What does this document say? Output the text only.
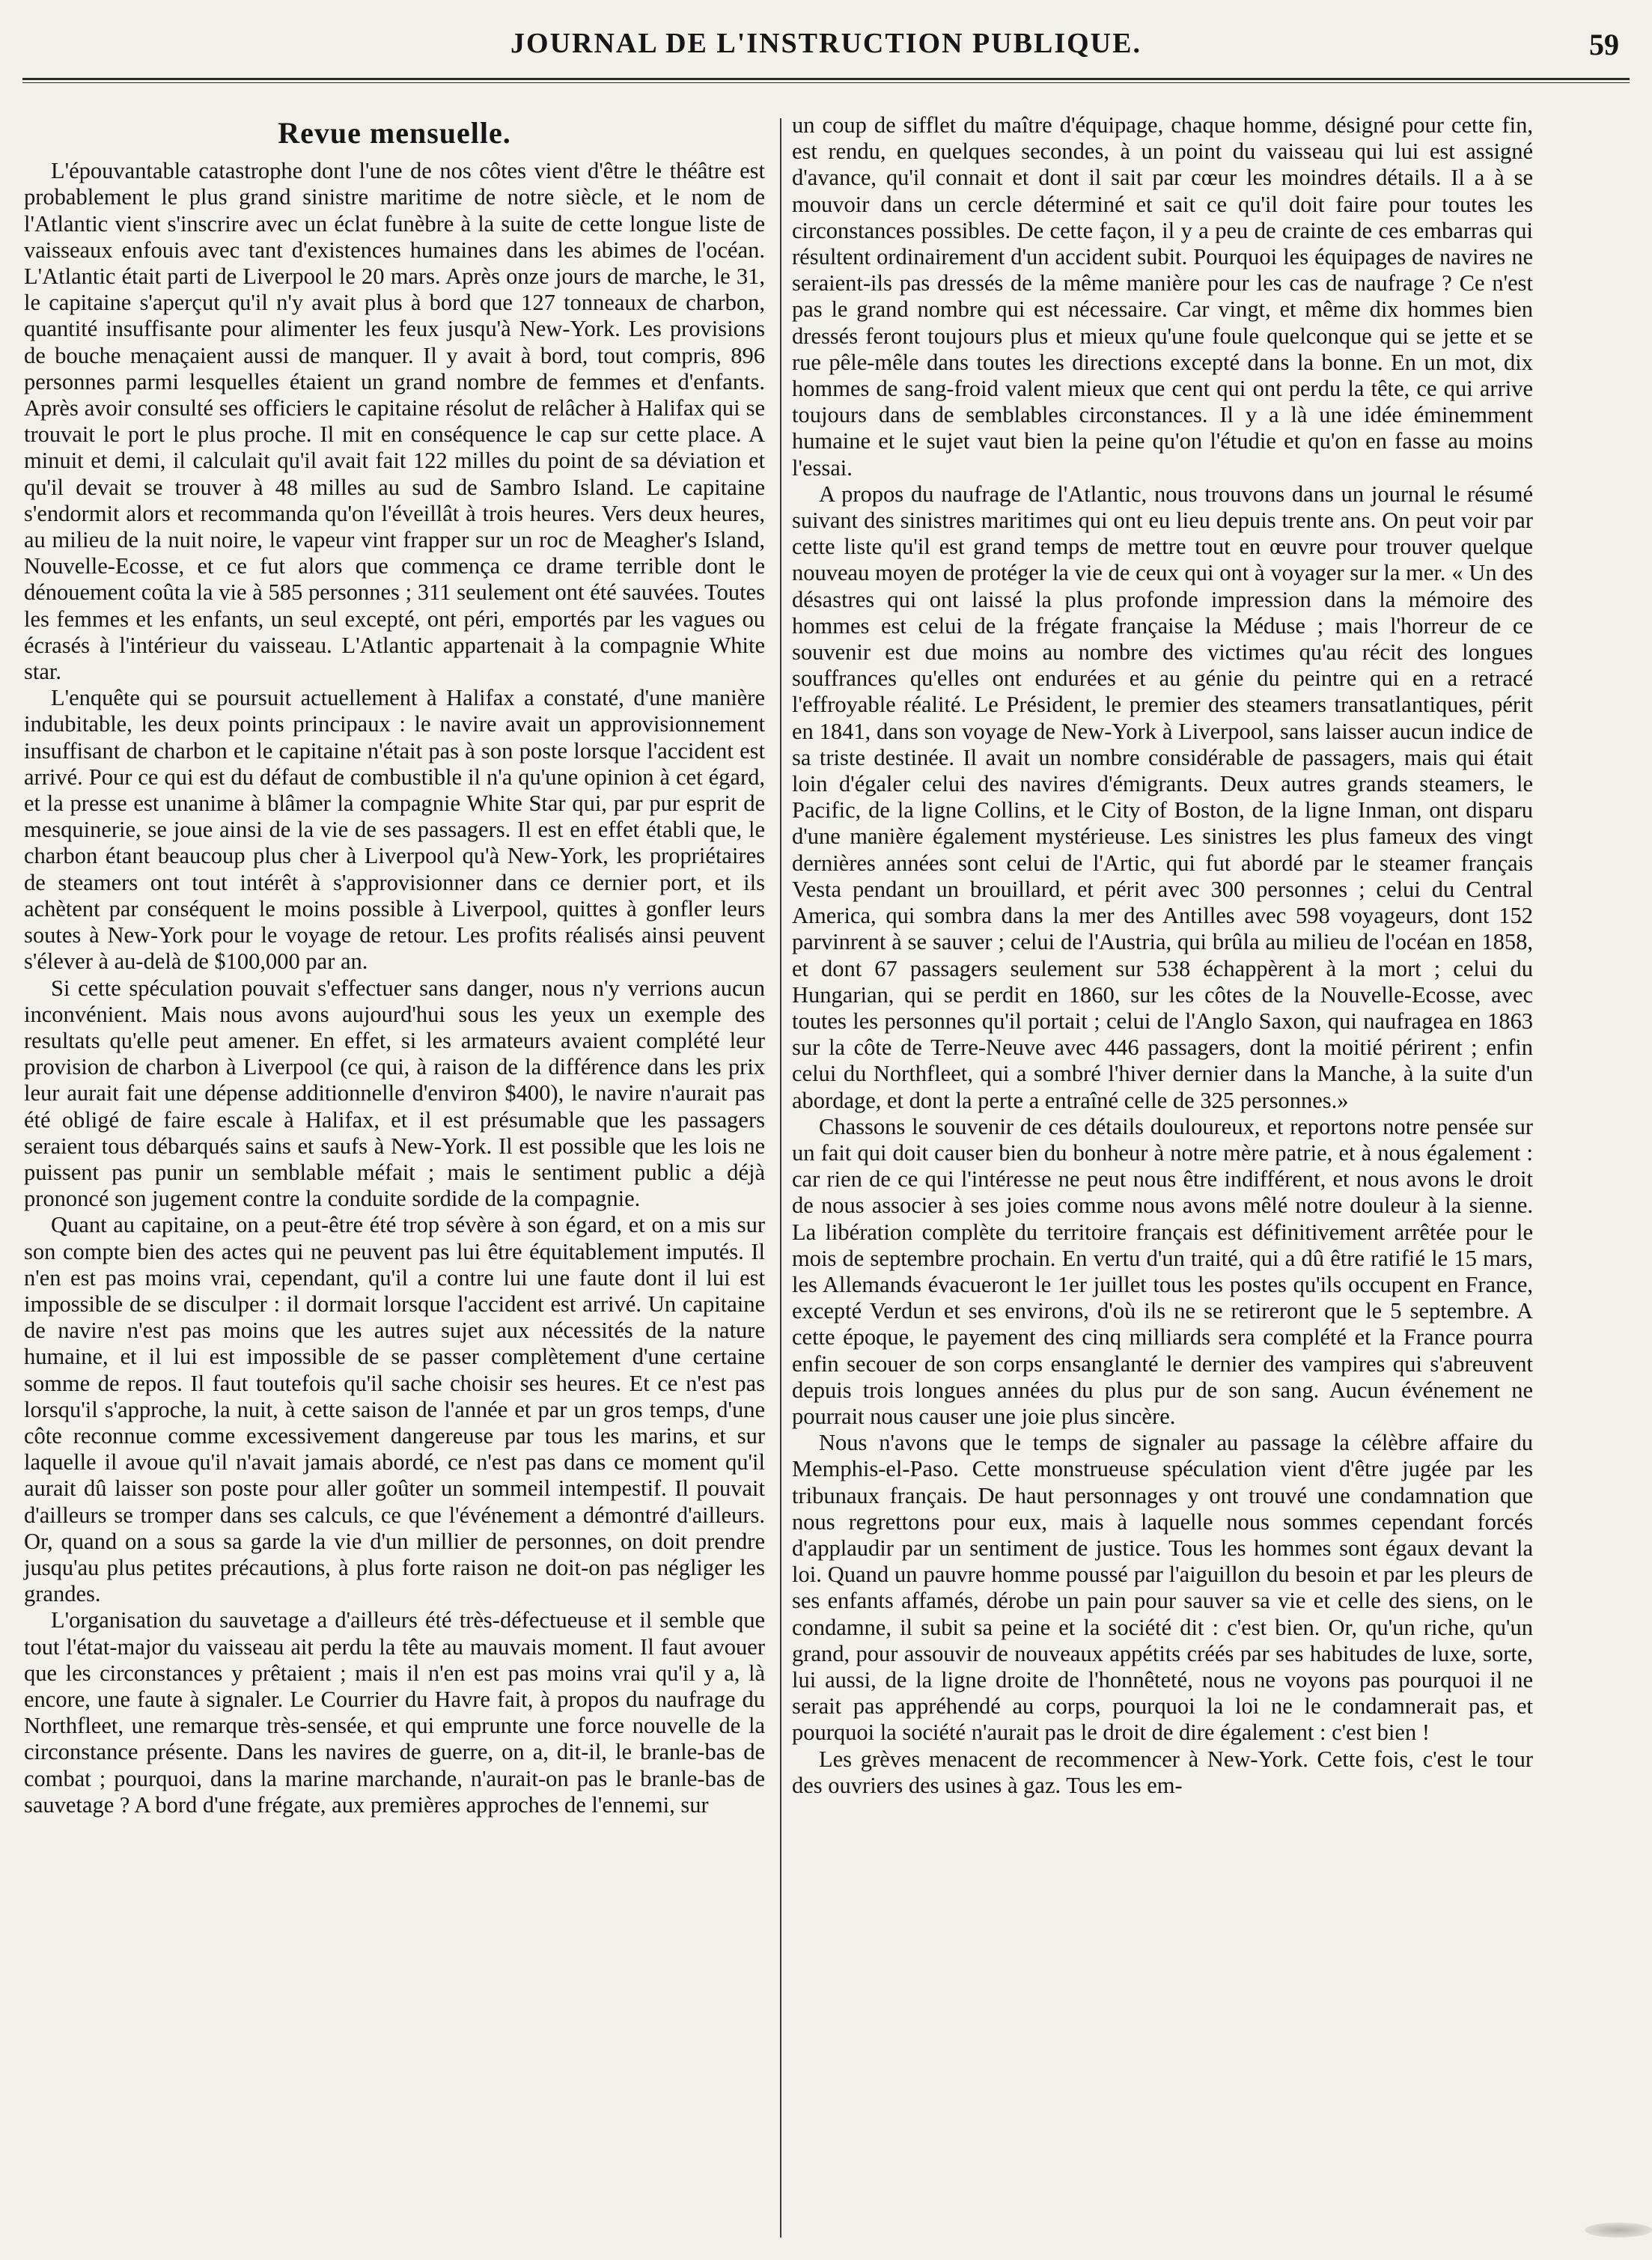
JOURNAL DE L'INSTRUCTION PUBLIQUE.	59
Revue mensuelle.

L'épouvantable catastrophe dont l'une de nos côtes vient d'être le théâtre est probablement le plus grand sinistre maritime de notre siècle, et le nom de l'Atlantic vient s'inscrire avec un éclat funèbre à la suite de cette longue liste de vaisseaux enfouis avec tant d'existences humaines dans les abimes de l'océan. L'Atlantic était parti de Liverpool le 20 mars. Après onze jours de marche, le 31, le capitaine s'aperçut qu'il n'y avait plus à bord que 127 tonneaux de charbon, quantité insuffisante pour alimenter les feux jusqu'à New-York. Les provisions de bouche menaçaient aussi de manquer. Il y avait à bord, tout compris, 896 personnes parmi lesquelles étaient un grand nombre de femmes et d'enfants. Après avoir consulté ses officiers le capitaine résolut de relâcher à Halifax qui se trouvait le port le plus proche. Il mit en conséquence le cap sur cette place. A minuit et demi, il calculait qu'il avait fait 122 milles du point de sa déviation et qu'il devait se trouver à 48 milles au sud de Sambro Island. Le capitaine s'endormit alors et recommanda qu'on l'éveillât à trois heures. Vers deux heures, au milieu de la nuit noire, le vapeur vint frapper sur un roc de Meagher's Island, Nouvelle-Ecosse, et ce fut alors que commença ce drame terrible dont le dénouement coûta la vie à 585 personnes ; 311 seulement ont été sauvées. Toutes les femmes et les enfants, un seul excepté, ont péri, emportés par les vagues ou écrasés à l'intérieur du vaisseau. L'Atlantic appartenait à la compagnie White star.

L'enquête qui se poursuit actuellement à Halifax a constaté, d'une manière indubitable, les deux points principaux : le navire avait un approvisionnement insuffisant de charbon et le capitaine n'était pas à son poste lorsque l'accident est arrivé. Pour ce qui est du défaut de combustible il n'a qu'une opinion à cet égard, et la presse est unanime à blâmer la compagnie White Star qui, par pur esprit de mesquinerie, se joue ainsi de la vie de ses passagers. Il est en effet établi que, le charbon étant beaucoup plus cher à Liverpool qu'à New-York, les propriétaires de steamers ont tout intérêt à s'approvisionner dans ce dernier port, et ils achètent par conséquent le moins possible à Liverpool, quittes à gonfler leurs soutes à New-York pour le voyage de retour. Les profits réalisés ainsi peuvent s'élever à au-delà de $100,000 par an.

Si cette spéculation pouvait s'effectuer sans danger, nous n'y verrions aucun inconvénient. Mais nous avons aujourd'hui sous les yeux un exemple des resultats qu'elle peut amener. En effet, si les armateurs avaient complété leur provision de charbon à Liverpool (ce qui, à raison de la différence dans les prix leur aurait fait une dépense additionnelle d'environ $400), le navire n'aurait pas été obligé de faire escale à Halifax, et il est présumable que les passagers seraient tous débarqués sains et saufs à New-York. Il est possible que les lois ne puissent pas punir un semblable méfait ; mais le sentiment public a déjà prononcé son jugement contre la conduite sordide de la compagnie.

Quant au capitaine, on a peut-être été trop sévère à son égard, et on a mis sur son compte bien des actes qui ne peuvent pas lui être équitablement imputés. Il n'en est pas moins vrai, cependant, qu'il a contre lui une faute dont il lui est impossible de se disculper : il dormait lorsque l'accident est arrivé. Un capitaine de navire n'est pas moins que les autres sujet aux nécessités de la nature humaine, et il lui est impossible de se passer complètement d'une certaine somme de repos. Il faut toutefois qu'il sache choisir ses heures. Et ce n'est pas lorsqu'il s'approche, la nuit, à cette saison de l'année et par un gros temps, d'une côte reconnue comme excessivement dangereuse par tous les marins, et sur laquelle il avoue qu'il n'avait jamais abordé, ce n'est pas dans ce moment qu'il aurait dû laisser son poste pour aller goûter un sommeil intempestif. Il pouvait d'ailleurs se tromper dans ses calculs, ce que l'événement a démontré d'ailleurs. Or, quand on a sous sa garde la vie d'un millier de personnes, on doit prendre jusqu'au plus petites précautions, à plus forte raison ne doit-on pas négliger les grandes.

L'organisation du sauvetage a d'ailleurs été très-défectueuse et il semble que tout l'état-major du vaisseau ait perdu la tête au mauvais moment. Il faut avouer que les circonstances y prêtaient ; mais il n'en est pas moins vrai qu'il y a, là encore, une faute à signaler. Le Courrier du Havre fait, à propos du naufrage du Northfleet, une remarque très-sensée, et qui emprunte une force nouvelle de la circonstance présente. Dans les navires de guerre, on a, dit-il, le branle-bas de combat ; pourquoi, dans la marine marchande, n'aurait-on pas le branle-bas de sauvetage ? A bord d'une frégate, aux premières approches de l'ennemi, sur

un coup de sifflet du maître d'équipage, chaque homme, désigné pour cette fin, est rendu, en quelques secondes, à un point du vaisseau qui lui est assigné d'avance, qu'il connait et dont il sait par cœur les moindres détails. Il a à se mouvoir dans un cercle déterminé et sait ce qu'il doit faire pour toutes les circonstances possibles. De cette façon, il y a peu de crainte de ces embarras qui résultent ordinairement d'un accident subit. Pourquoi les équipages de navires ne seraient-ils pas dressés de la même manière pour les cas de naufrage ? Ce n'est pas le grand nombre qui est nécessaire. Car vingt, et même dix hommes bien dressés feront toujours plus et mieux qu'une foule quelconque qui se jette et se rue pêle-mêle dans toutes les directions excepté dans la bonne. En un mot, dix hommes de sang-froid valent mieux que cent qui ont perdu la tête, ce qui arrive toujours dans de semblables circonstances. Il y a là une idée éminemment humaine et le sujet vaut bien la peine qu'on l'étudie et qu'on en fasse au moins l'essai.

A propos du naufrage de l'Atlantic, nous trouvons dans un journal le résumé suivant des sinistres maritimes qui ont eu lieu depuis trente ans. On peut voir par cette liste qu'il est grand temps de mettre tout en œuvre pour trouver quelque nouveau moyen de protéger la vie de ceux qui ont à voyager sur la mer. « Un des désastres qui ont laissé la plus profonde impression dans la mémoire des hommes est celui de la frégate française la Méduse ; mais l'horreur de ce souvenir est due moins au nombre des victimes qu'au récit des longues souffrances qu'elles ont endurées et au génie du peintre qui en a retracé l'effroyable réalité. Le Président, le premier des steamers transatlantiques, périt en 1841, dans son voyage de New-York à Liverpool, sans laisser aucun indice de sa triste destinée. Il avait un nombre considérable de passagers, mais qui était loin d'égaler celui des navires d'émigrants. Deux autres grands steamers, le Pacific, de la ligne Collins, et le City of Boston, de la ligne Inman, ont disparu d'une manière également mystérieuse. Les sinistres les plus fameux des vingt dernières années sont celui de l'Artic, qui fut abordé par le steamer français Vesta pendant un brouillard, et périt avec 300 personnes ; celui du Central America, qui sombra dans la mer des Antilles avec 598 voyageurs, dont 152 parvinrent à se sauver ; celui de l'Austria, qui brûla au milieu de l'océan en 1858, et dont 67 passagers seulement sur 538 échappèrent à la mort ; celui du Hungarian, qui se perdit en 1860, sur les côtes de la Nouvelle-Ecosse, avec toutes les personnes qu'il portait ; celui de l'Anglo Saxon, qui naufragea en 1863 sur la côte de Terre-Neuve avec 446 passagers, dont la moitié périrent ; enfin celui du Northfleet, qui a sombré l'hiver dernier dans la Manche, à la suite d'un abordage, et dont la perte a entraîné celle de 325 personnes.»

Chassons le souvenir de ces détails douloureux, et reportons notre pensée sur un fait qui doit causer bien du bonheur à notre mère patrie, et à nous également : car rien de ce qui l'intéresse ne peut nous être indifférent, et nous avons le droit de nous associer à ses joies comme nous avons mêlé notre douleur à la sienne. La libération complète du territoire français est définitivement arrêtée pour le mois de septembre prochain. En vertu d'un traité, qui a dû être ratifié le 15 mars, les Allemands évacueront le 1er juillet tous les postes qu'ils occupent en France, excepté Verdun et ses environs, d'où ils ne se retireront que le 5 septembre. A cette époque, le payement des cinq milliards sera complété et la France pourra enfin secouer de son corps ensanglanté le dernier des vampires qui s'abreuvent depuis trois longues années du plus pur de son sang. Aucun événement ne pourrait nous causer une joie plus sincère.

Nous n'avons que le temps de signaler au passage la célèbre affaire du Memphis-el-Paso. Cette monstrueuse spéculation vient d'être jugée par les tribunaux français. De haut personnages y ont trouvé une condamnation que nous regrettons pour eux, mais à laquelle nous sommes cependant forcés d'applaudir par un sentiment de justice. Tous les hommes sont égaux devant la loi. Quand un pauvre homme poussé par l'aiguillon du besoin et par les pleurs de ses enfants affamés, dérobe un pain pour sauver sa vie et celle des siens, on le condamne, il subit sa peine et la société dit : c'est bien. Or, qu'un riche, qu'un grand, pour assouvir de nouveaux appétits créés par ses habitudes de luxe, sorte, lui aussi, de la ligne droite de l'honnêteté, nous ne voyons pas pourquoi il ne serait pas appréhendé au corps, pourquoi la loi ne le condamnerait pas, et pourquoi la société n'aurait pas le droit de dire également : c'est bien !

Les grèves menacent de recommencer à New-York. Cette fois, c'est le tour des ouvriers des usines à gaz. Tous les em-
